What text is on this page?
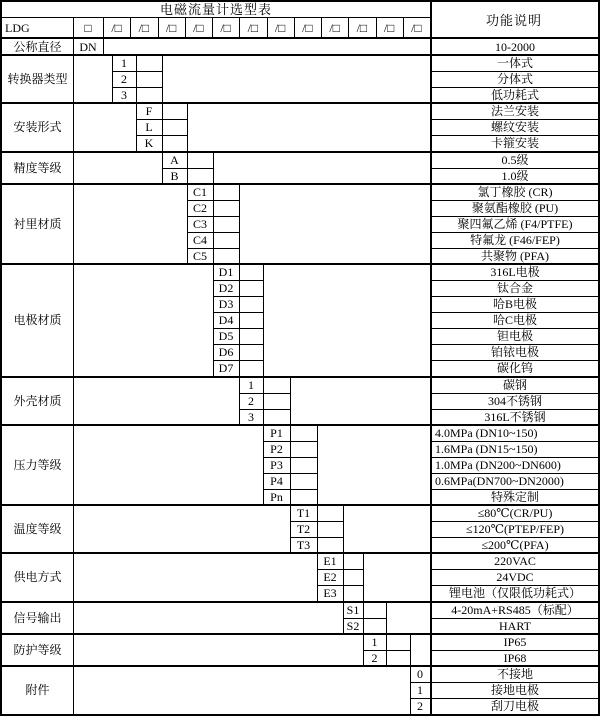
电磁流量计选型表
功能说明
LDG	□	/□	/□	/□	/□	/□	/□	/□	/□	/□	/□	/□	/□
公称直径	DN	10-2000
转换器类型
1	一体式
2	分体式
3	低功耗式
安装形式
F	法兰安装
L	螺纹安装
K	卡箍安装
精度等级
A	0.5级
B	1.0级
衬里材质
C1	氯丁橡胶 (CR)
C2	聚氨酯橡胶 (PU)
C3	聚四氟乙烯 (F4/PTFE)
C4	特氟龙 (F46/FEP)
C5	共聚物 (PFA)
电极材质
D1	316L电极
D2	钛合金
D3	哈B电极
D4	哈C电极
D5	钽电极
D6	铂铱电极
D7	碳化钨
外壳材质
1	碳钢
2	304不锈钢
3	316L不锈钢
压力等级
P1	4.0MPa (DN10~150)
P2	1.6MPa (DN15~150)
P3	1.0MPa (DN200~DN600)
P4	0.6MPa(DN700~DN2000)
Pn	特殊定制
温度等级
T1	≤80℃(CR/PU)
T2	≤120℃(PTEP/FEP)
T3	≤200℃(PFA)
供电方式
E1	220VAC
E2	24VDC
E3	锂电池（仅限低功耗式）
信号输出
S1	4-20mA+RS485（标配）
S2	HART
防护等级
1	IP65
2	IP68
附件
0	不接地
1	接地电极
2	刮刀电极
